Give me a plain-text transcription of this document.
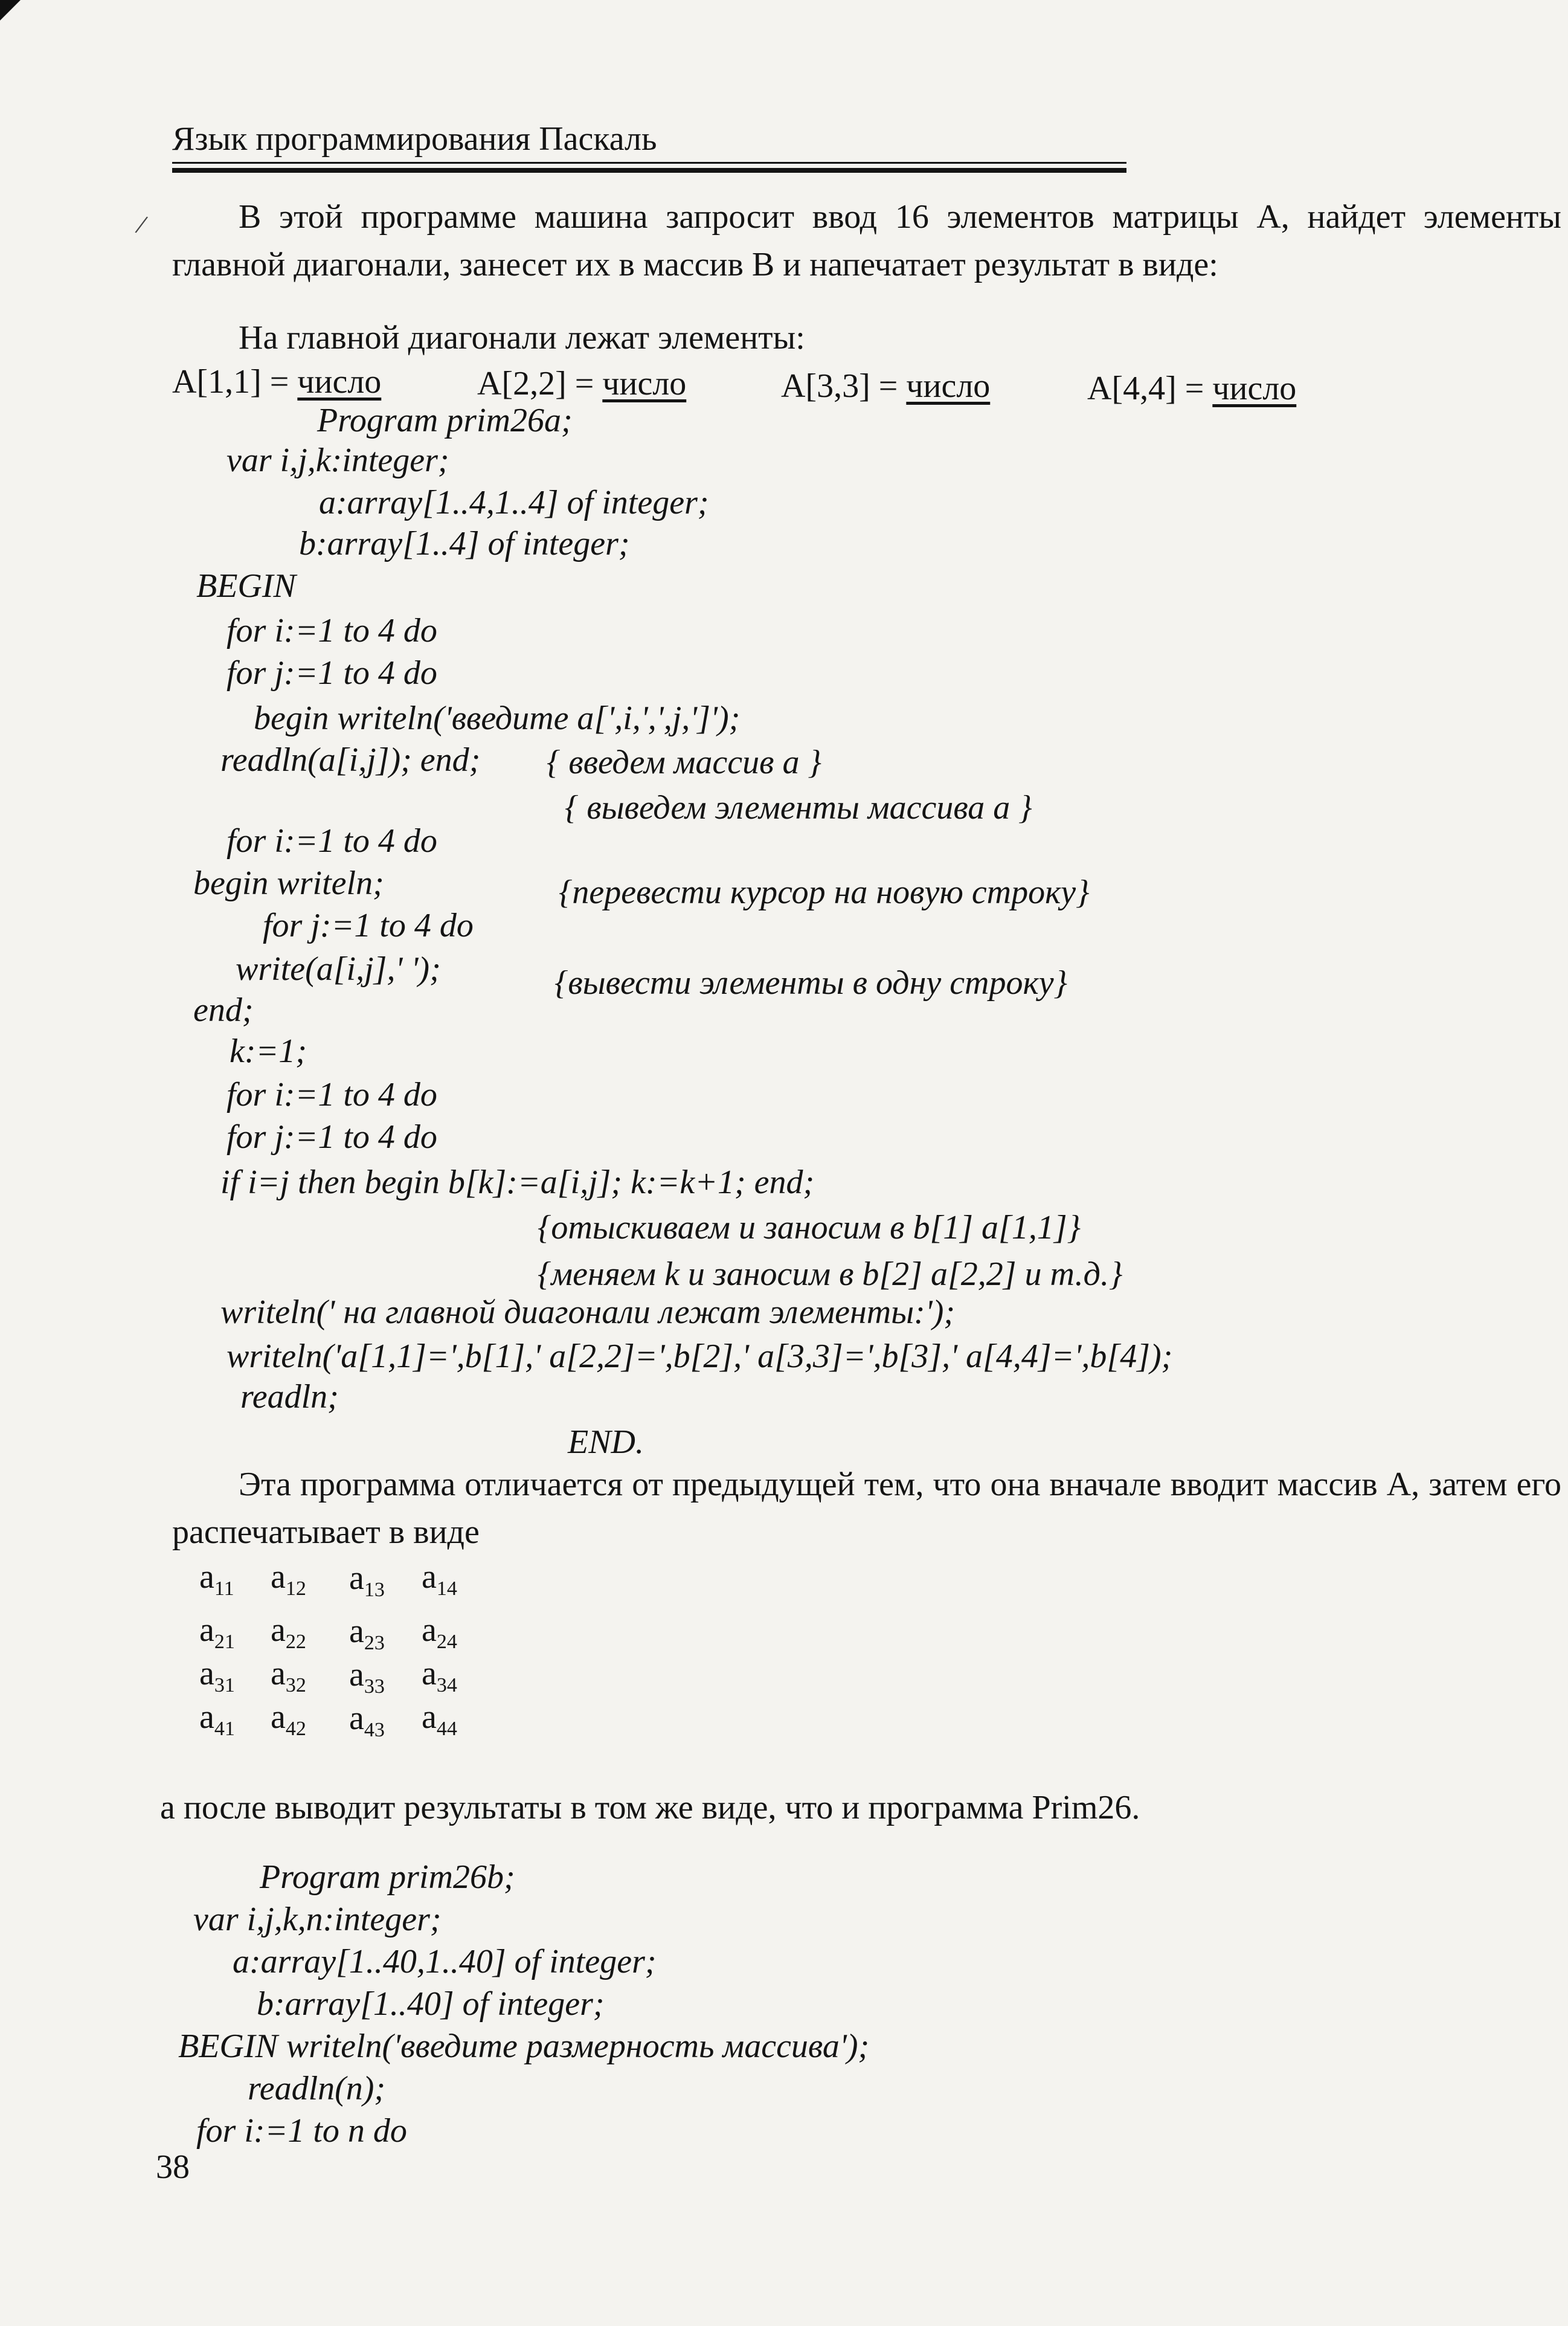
/
Язык программирования Паскаль

В этой программе машина запросит ввод 16 элементов матрицы A, найдет элементы главной диагонали, занесет их в массив B и напечатает результат в виде:

На главной диагонали лежат элементы:
A[1,1] = число	A[2,2] = число	A[3,3] = число	A[4,4] = число
Program prim26a;
var i,j,k:integer;
a:array[1..4,1..4] of integer;
b:array[1..4] of integer;
BEGIN
for i:=1 to 4 do
for j:=1 to 4 do
begin writeln('введите a[',i,',',j,']');
readln(a[i,j]); end; { введем массив a }
{ выведем элементы массива a }
for i:=1 to 4 do
begin writeln;	{перевести курсор на новую строку}
for j:=1 to 4 do
write(a[i,j],' ');	{вывести элементы в одну строку}
end;
k:=1;
for i:=1 to 4 do
for j:=1 to 4 do
if i=j then begin b[k]:=a[i,j]; k:=k+1; end;
{отыскиваем и заносим в b[1] a[1,1]}
{меняем k и заносим в b[2] a[2,2] и т.д.}
writeln(' на главной диагонали лежат элементы:');
writeln('a[1,1]=',b[1],' a[2,2]=',b[2],' a[3,3]=',b[3],' a[4,4]=',b[4]);
readln;
END.

Эта программа отличается от предыдущей тем, что она вначале вводит массив A, затем его распечатывает в виде

$a_{11}$ $a_{12}$ $a_{13}$ $a_{14}$
$a_{21}$ $a_{22}$ $a_{23}$ $a_{24}$
$a_{31}$ $a_{32}$ $a_{33}$ $a_{34}$
$a_{41}$ $a_{42}$ $a_{43}$ $a_{44}$
а после выводит результаты в том же виде, что и программа Prim26.
Program prim26b;
var i,j,k,n:integer;
a:array[1..40,1..40] of integer;
b:array[1..40] of integer;
BEGIN writeln('введите размерность массива');
readln(n);
for i:=1 to n do
38
